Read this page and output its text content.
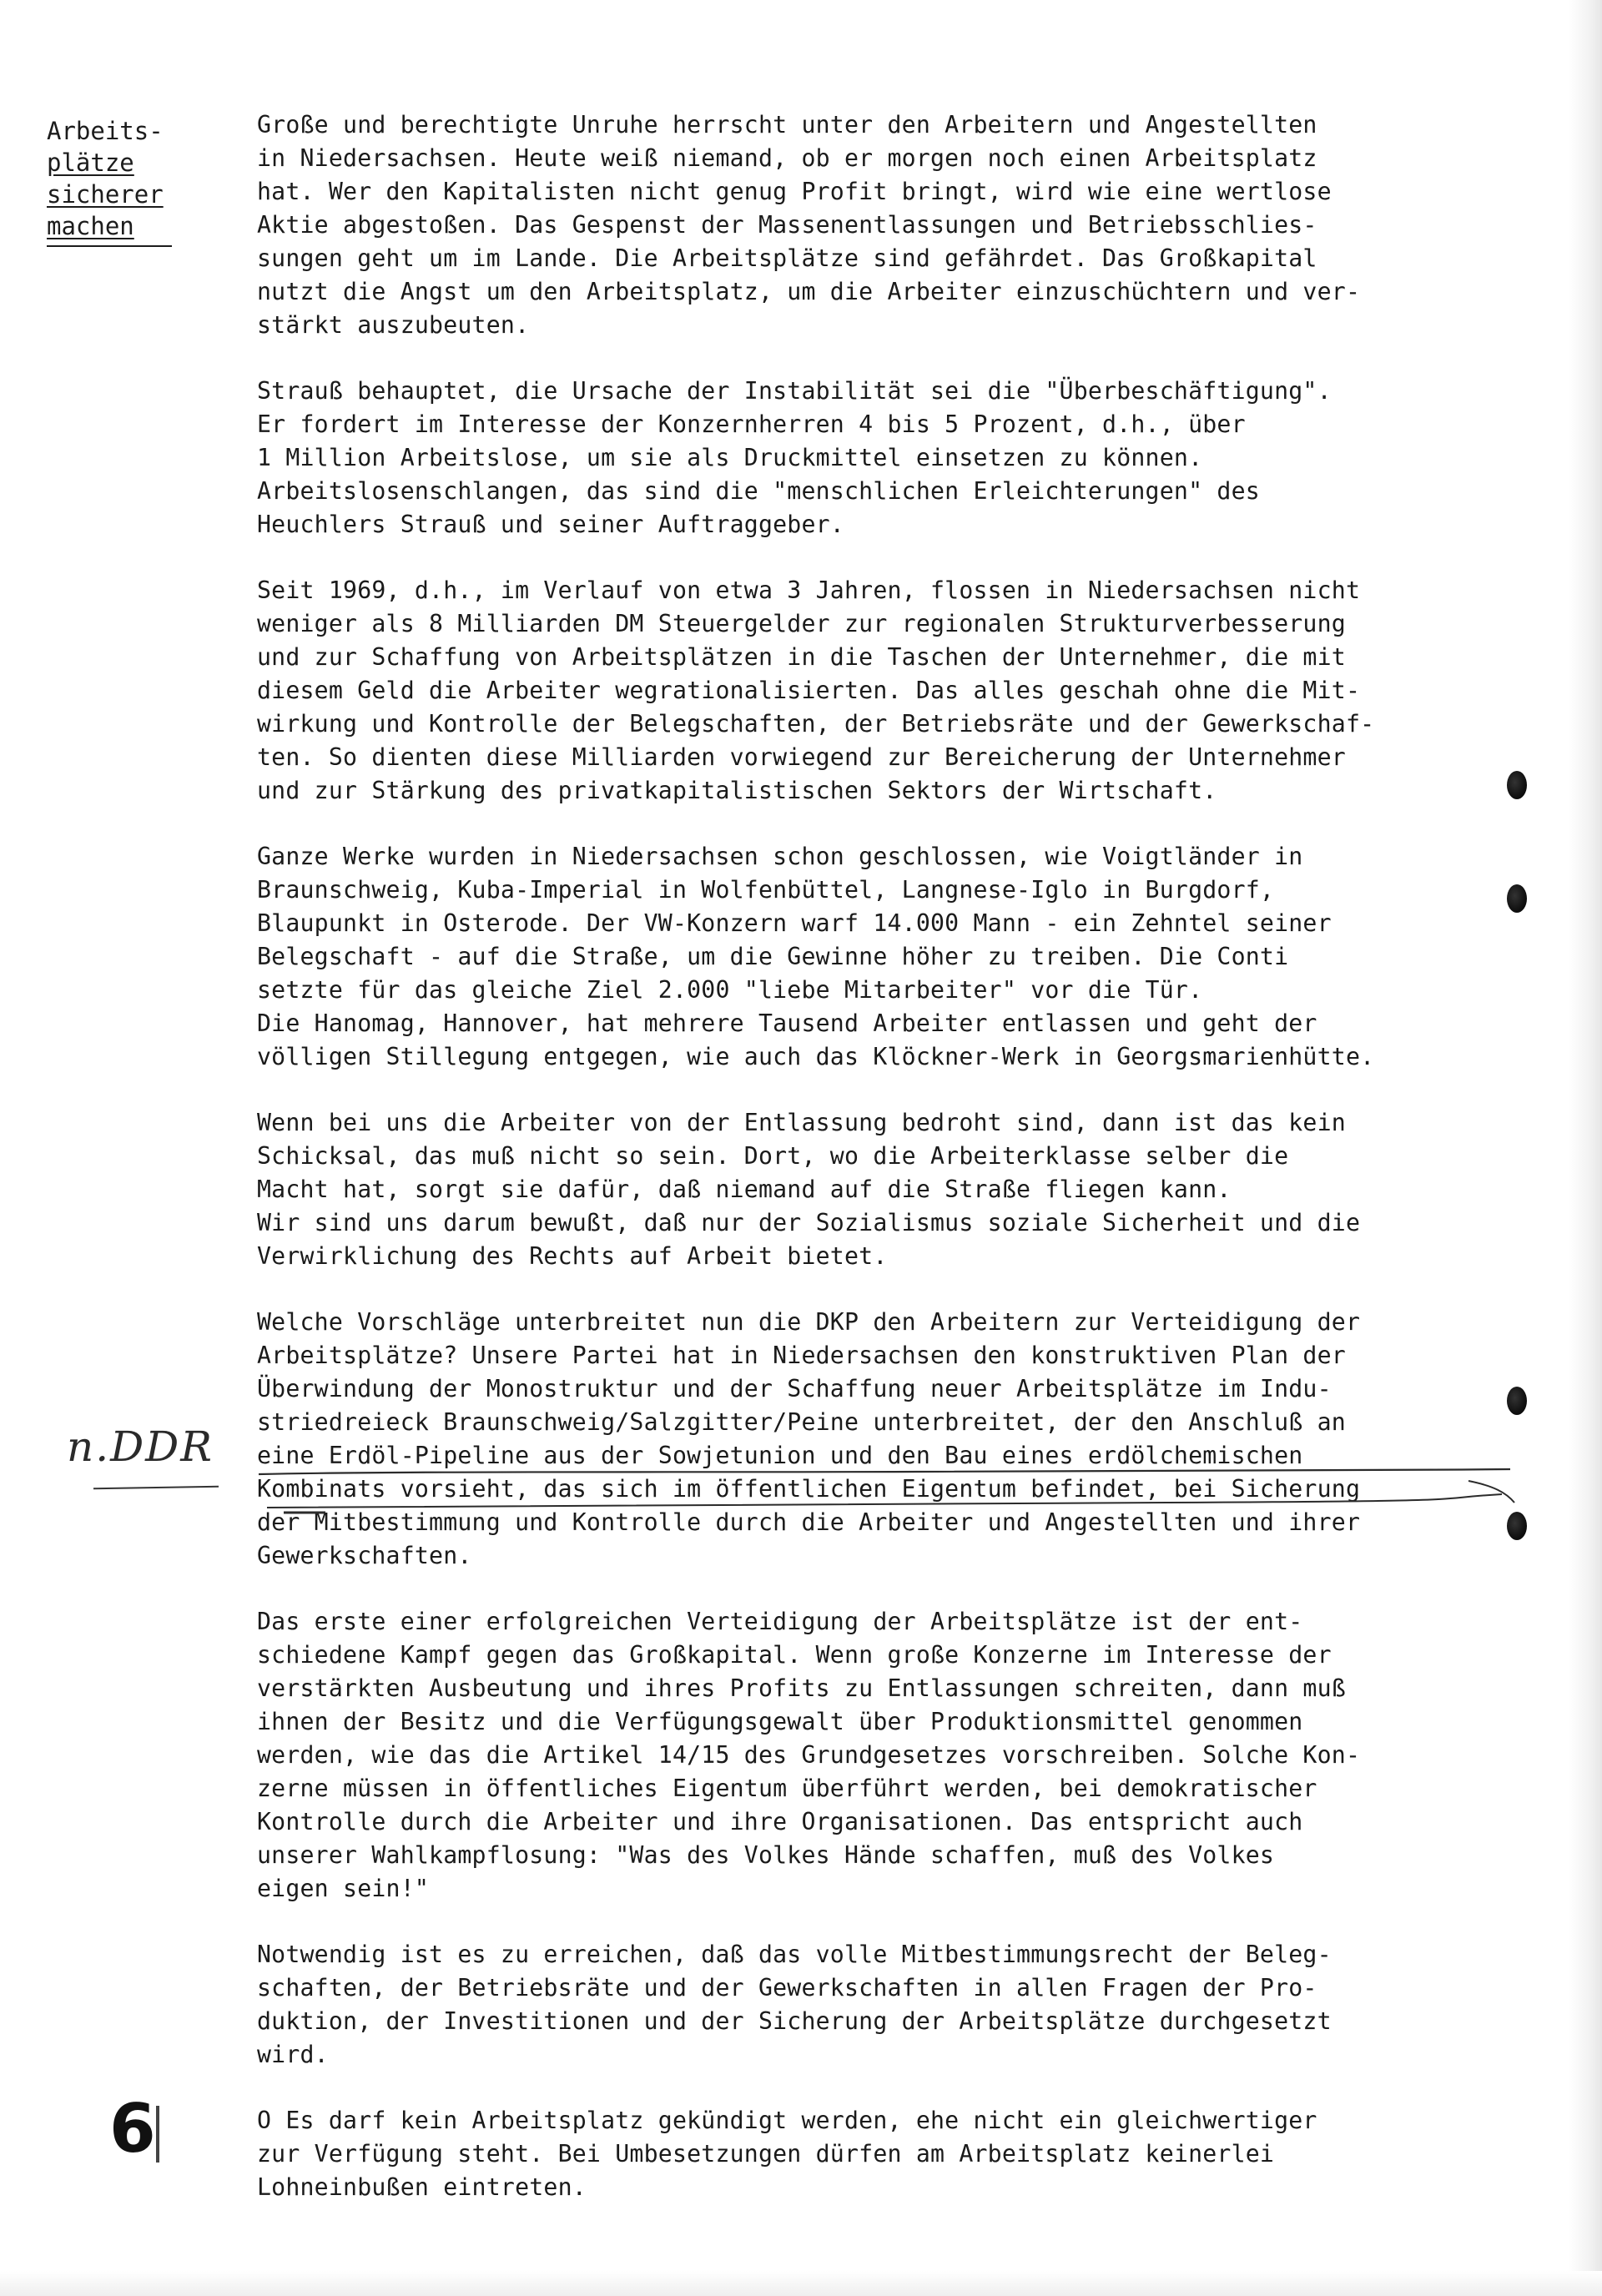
Arbeits-
plätze
sicherer
machen

Große und berechtigte Unruhe herrscht unter den Arbeitern und Angestellten
in Niedersachsen. Heute weiß niemand, ob er morgen noch einen Arbeitsplatz
hat. Wer den Kapitalisten nicht genug Profit bringt, wird wie eine wertlose
Aktie abgestoßen. Das Gespenst der Massenentlassungen und Betriebsschlies-
sungen geht um im Lande. Die Arbeitsplätze sind gefährdet. Das Großkapital
nutzt die Angst um den Arbeitsplatz, um die Arbeiter einzuschüchtern und ver-
stärkt auszubeuten.

Strauß behauptet, die Ursache der Instabilität sei die "Überbeschäftigung".
Er fordert im Interesse der Konzernherren 4 bis 5 Prozent, d.h., über
1 Million Arbeitslose, um sie als Druckmittel einsetzen zu können.
Arbeitslosenschlangen, das sind die "menschlichen Erleichterungen" des
Heuchlers Strauß und seiner Auftraggeber.

Seit 1969, d.h., im Verlauf von etwa 3 Jahren, flossen in Niedersachsen nicht
weniger als 8 Milliarden DM Steuergelder zur regionalen Strukturverbesserung
und zur Schaffung von Arbeitsplätzen in die Taschen der Unternehmer, die mit
diesem Geld die Arbeiter wegrationalisierten. Das alles geschah ohne die Mit-
wirkung und Kontrolle der Belegschaften, der Betriebsräte und der Gewerkschaf-
ten. So dienten diese Milliarden vorwiegend zur Bereicherung der Unternehmer
und zur Stärkung des privatkapitalistischen Sektors der Wirtschaft.

Ganze Werke wurden in Niedersachsen schon geschlossen, wie Voigtländer in
Braunschweig, Kuba-Imperial in Wolfenbüttel, Langnese-Iglo in Burgdorf,
Blaupunkt in Osterode. Der VW-Konzern warf 14.000 Mann - ein Zehntel seiner
Belegschaft - auf die Straße, um die Gewinne höher zu treiben. Die Conti
setzte für das gleiche Ziel 2.000 "liebe Mitarbeiter" vor die Tür.
Die Hanomag, Hannover, hat mehrere Tausend Arbeiter entlassen und geht der
völligen Stillegung entgegen, wie auch das Klöckner-Werk in Georgsmarienhütte.

Wenn bei uns die Arbeiter von der Entlassung bedroht sind, dann ist das kein
Schicksal, das muß nicht so sein. Dort, wo die Arbeiterklasse selber die
Macht hat, sorgt sie dafür, daß niemand auf die Straße fliegen kann.
Wir sind uns darum bewußt, daß nur der Sozialismus soziale Sicherheit und die
Verwirklichung des Rechts auf Arbeit bietet.

Welche Vorschläge unterbreitet nun die DKP den Arbeitern zur Verteidigung der
Arbeitsplätze? Unsere Partei hat in Niedersachsen den konstruktiven Plan der
Überwindung der Monostruktur und der Schaffung neuer Arbeitsplätze im Indu-
striedreieck Braunschweig/Salzgitter/Peine unterbreitet, der den Anschluß an
eine Erdöl-Pipeline aus der Sowjetunion und den Bau eines erdölchemischen
Kombinats vorsieht, das sich im öffentlichen Eigentum befindet, bei Sicherung
der Mitbestimmung und Kontrolle durch die Arbeiter und Angestellten und ihrer
Gewerkschaften.

Das erste einer erfolgreichen Verteidigung der Arbeitsplätze ist der ent-
schiedene Kampf gegen das Großkapital. Wenn große Konzerne im Interesse der
verstärkten Ausbeutung und ihres Profits zu Entlassungen schreiten, dann muß
ihnen der Besitz und die Verfügungsgewalt über Produktionsmittel genommen
werden, wie das die Artikel 14/15 des Grundgesetzes vorschreiben. Solche Kon-
zerne müssen in öffentliches Eigentum überführt werden, bei demokratischer
Kontrolle durch die Arbeiter und ihre Organisationen. Das entspricht auch
unserer Wahlkampflosung: "Was des Volkes Hände schaffen, muß des Volkes
eigen sein!"

Notwendig ist es zu erreichen, daß das volle Mitbestimmungsrecht der Beleg-
schaften, der Betriebsräte und der Gewerkschaften in allen Fragen der Pro-
duktion, der Investitionen und der Sicherung der Arbeitsplätze durchgesetzt
wird.

O Es darf kein Arbeitsplatz gekündigt werden, ehe nicht ein gleichwertiger
zur Verfügung steht. Bei Umbesetzungen dürfen am Arbeitsplatz keinerlei
Lohneinbußen eintreten.

n.DDR
6
